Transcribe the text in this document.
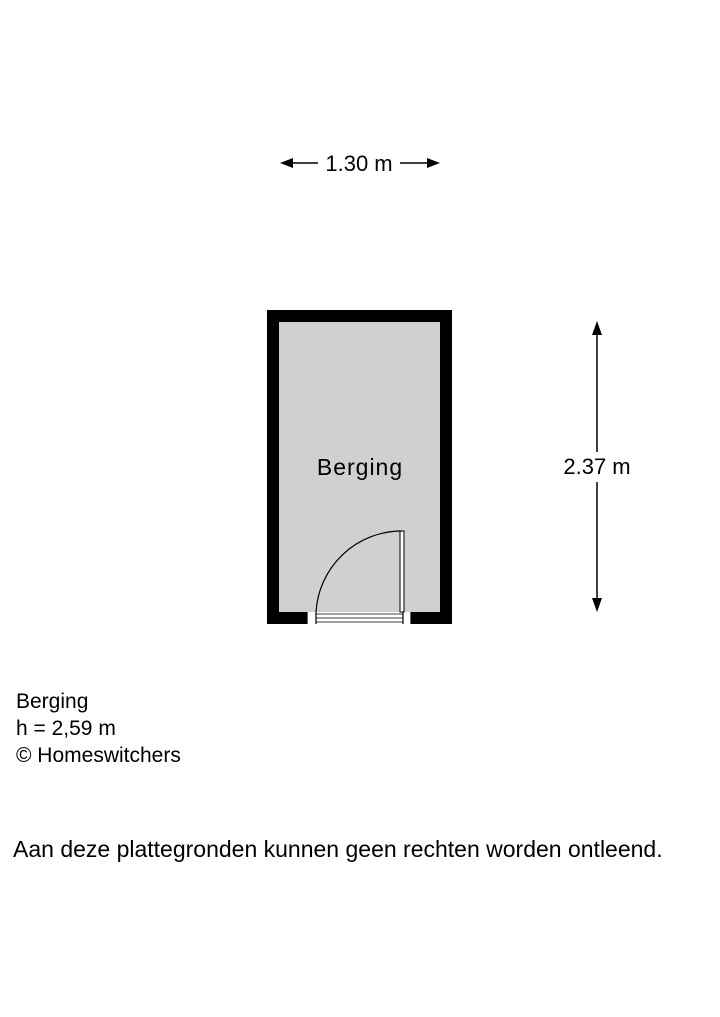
1.30 m
2.37 m
Berging
Berging
h = 2,59 m
© Homeswitchers
Aan deze plattegronden kunnen geen rechten worden ontleend.
